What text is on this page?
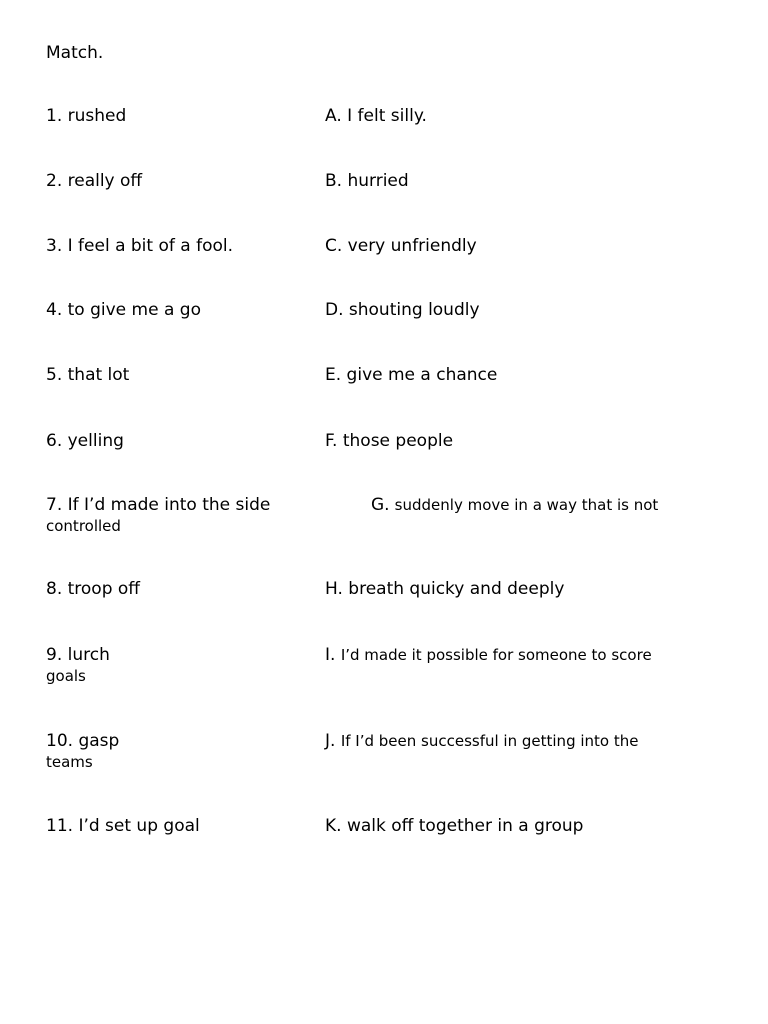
Match.
1. rushed
2. really off
3. I feel a bit of a fool.
4. to give me a go
5. that lot
6. yelling
7. If I’d made into the side
8. troop off
9. lurch
10. gasp
11. I’d set up goal
A. I felt silly.
B. hurried
C. very unfriendly
D. shouting loudly
E. give me a chance
F. those people
G. suddenly move in a way that is not
controlled
H. breath quicky and deeply
I. I’d made it possible for someone to score
goals
J. If I’d been successful in getting into the
teams
K. walk off together in a group
